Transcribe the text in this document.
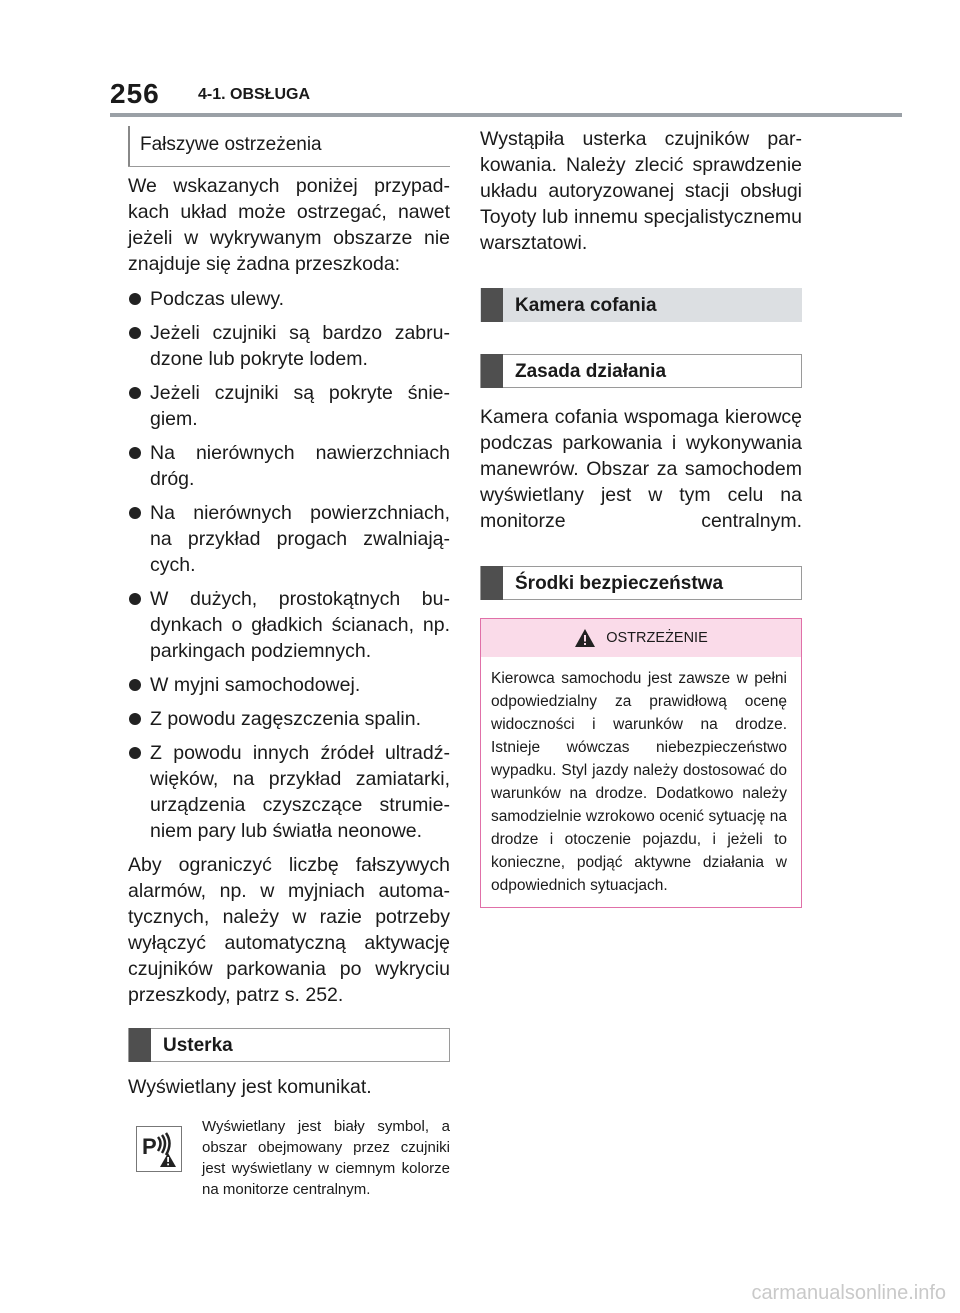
256 4-1. OBSŁUGA
Fałszywe ostrzeżenia

We wskazanych poniżej przypadkach układ może ostrzegać, nawet jeżeli w wykrywanym obszarze nie znajduje się żadna przeszkoda:

Podczas ulewy.
Jeżeli czujniki są bardzo zabrudzone lub pokryte lodem.
Jeżeli czujniki są pokryte śniegiem.
Na nierównych nawierzchniach dróg.
Na nierównych powierzchniach, na przykład progach zwalniających.
W dużych, prostokątnych budynkach o gładkich ścianach, np. parkingach podziemnych.
W myjni samochodowej.
Z powodu zagęszczenia spalin.
Z powodu innych źródeł ultradźwięków, na przykład zamiatarki, urządzenia czyszczące strumieniem pary lub światła neonowe.

Aby ograniczyć liczbę fałszywych alarmów, np. w myjniach automatycznych, należy w razie potrzeby wyłączyć automatyczną aktywację czujników parkowania po wykryciu przeszkody, patrz s. 252.

Usterka

Wyświetlany jest komunikat.

P

Wyświetlany jest biały symbol, a obszar obejmowany przez czujniki jest wyświetlany w ciemnym kolorze na monitorze centralnym.

Wystąpiła usterka czujników parkowania. Należy zlecić sprawdzenie układu autoryzowanej stacji obsługi Toyoty lub innemu specjalistycznemu warsztatowi.

Kamera cofania
Zasada działania

Kamera cofania wspomaga kierowcę podczas parkowania i wykonywania manewrów. Obszar za samochodem wyświetlany jest w tym celu na monitorze centralnym.

Środki bezpieczeństwa
OSTRZEŻENIE

Kierowca samochodu jest zawsze w pełni odpowiedzialny za prawidłową ocenę widoczności i warunków na drodze. Istnieje wówczas niebezpieczeństwo wypadku. Styl jazdy należy dostosować do warunków na drodze. Dodatkowo należy samodzielnie wzrokowo ocenić sytuację na drodze i otoczenie pojazdu, i jeżeli to konieczne, podjąć aktywne działania w odpowiednich sytuacjach.

carmanualsonline.info
